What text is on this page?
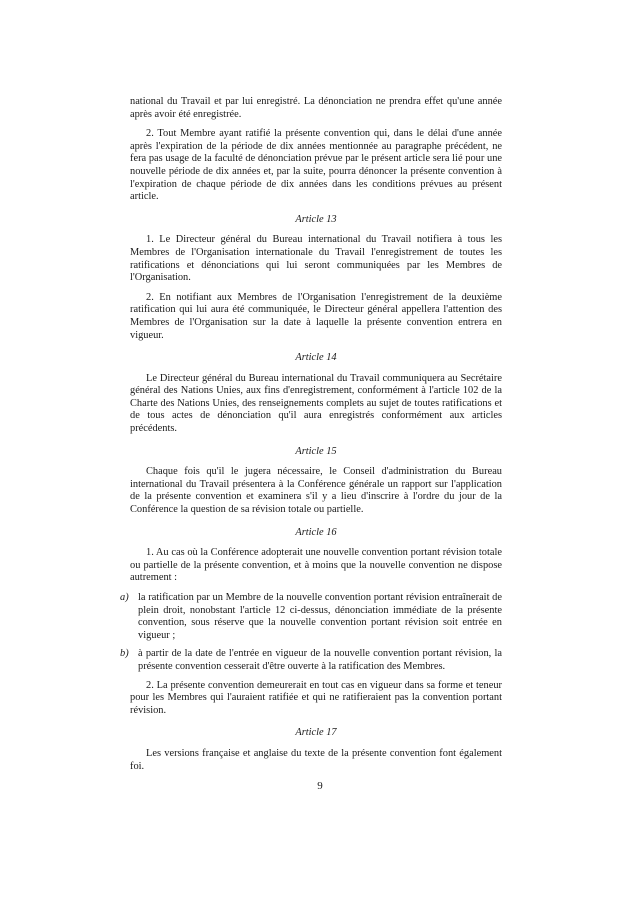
national du Travail et par lui enregistré. La dénonciation ne prendra effet qu'une année après avoir été enregistrée.

2. Tout Membre ayant ratifié la présente convention qui, dans le délai d'une année après l'expiration de la période de dix années mentionnée au paragraphe précédent, ne fera pas usage de la faculté de dénonciation prévue par le présent article sera lié pour une nouvelle période de dix années et, par la suite, pourra dénoncer la présente convention à l'expiration de chaque période de dix années dans les conditions prévues au présent article.

Article 13

1. Le Directeur général du Bureau international du Travail notifiera à tous les Membres de l'Organisation internationale du Travail l'enregistrement de toutes les ratifications et dénonciations qui lui seront communiquées par les Membres de l'Organisation.

2. En notifiant aux Membres de l'Organisation l'enregistrement de la deuxième ratification qui lui aura été communiquée, le Directeur général appellera l'attention des Membres de l'Organisation sur la date à laquelle la présente convention entrera en vigueur.

Article 14

Le Directeur général du Bureau international du Travail communiquera au Secrétaire général des Nations Unies, aux fins d'enregistrement, conformément à l'article 102 de la Charte des Nations Unies, des renseignements complets au sujet de toutes ratifications et de tous actes de dénonciation qu'il aura enregistrés conformément aux articles précédents.

Article 15

Chaque fois qu'il le jugera nécessaire, le Conseil d'administration du Bureau international du Travail présentera à la Conférence générale un rapport sur l'application de la présente convention et examinera s'il y a lieu d'inscrire à l'ordre du jour de la Conférence la question de sa révision totale ou partielle.

Article 16

1. Au cas où la Conférence adopterait une nouvelle convention portant révision totale ou partielle de la présente convention, et à moins que la nouvelle convention ne dispose autrement :

a) la ratification par un Membre de la nouvelle convention portant révision entraînerait de plein droit, nonobstant l'article 12 ci-dessus, dénonciation immédiate de la présente convention, sous réserve que la nouvelle convention portant révision soit entrée en vigueur ;
b) à partir de la date de l'entrée en vigueur de la nouvelle convention portant révision, la présente convention cesserait d'être ouverte à la ratification des Membres.

2. La présente convention demeurerait en tout cas en vigueur dans sa forme et teneur pour les Membres qui l'auraient ratifiée et qui ne ratifieraient pas la convention portant révision.

Article 17

Les versions française et anglaise du texte de la présente convention font également foi.

9
